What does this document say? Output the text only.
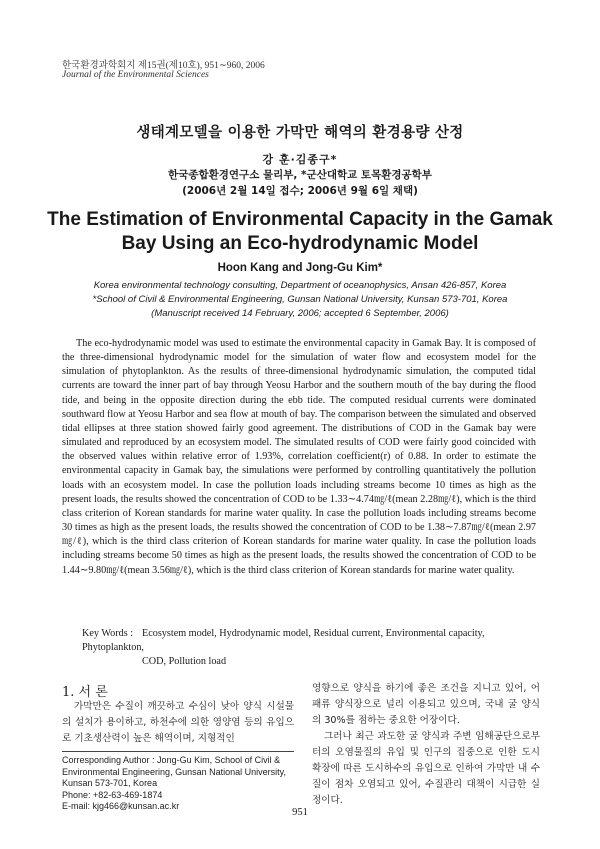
한국환경과학회지 제15권(제10호), 951∼960, 2006
Journal of the Environmental Sciences
생태계모델을 이용한 가막만 해역의 환경용량 산정
강 훈·김종구*
한국종합환경연구소 물리부, *군산대학교 토목환경공학부
(2006년 2월 14일 접수; 2006년 9월 6일 채택)
The Estimation of Environmental Capacity in the Gamak Bay Using an Eco-hydrodynamic Model
Hoon Kang and Jong-Gu Kim*
Korea environmental technology consulting, Department of oceanophysics, Ansan 426-857, Korea
*School of Civil & Environmental Engineering, Gunsan National University, Kunsan 573-701, Korea
(Manuscript received 14 February, 2006; accepted 6 September, 2006)
The eco-hydrodynamic model was used to estimate the environmental capacity in Gamak Bay. It is composed of the three-dimensional hydrodynamic model for the simulation of water flow and ecosystem model for the simulation of phytoplankton. As the results of three-dimensional hydrodynamic simulation, the computed tidal currents are toward the inner part of bay through Yeosu Harbor and the southern mouth of the bay during the flood tide, and being in the opposite direction during the ebb tide. The computed residual currents were dominated southward flow at Yeosu Harbor and sea flow at mouth of bay. The comparison between the simulated and observed tidal ellipses at three station showed fairly good agreement. The distributions of COD in the Gamak bay were simulated and reproduced by an ecosystem model. The simulated results of COD were fairly good coincided with the observed values within relative error of 1.93%, correlation coefficient(r) of 0.88. In order to estimate the environmental capacity in Gamak bay, the simulations were performed by controlling quantitatively the pollution loads with an ecosystem model. In case the pollution loads including streams become 10 times as high as the present loads, the results showed the concentration of COD to be 1.33∼4.74㎎/ℓ(mean 2.28㎎/ℓ), which is the third class criterion of Korean standards for marine water quality. In case the pollution loads including streams become 30 times as high as the present loads, the results showed the concentration of COD to be 1.38∼7.87㎎/ℓ(mean 2.97㎎/ℓ), which is the third class criterion of Korean standards for marine water quality. In case the pollution loads including streams become 50 times as high as the present loads, the results showed the concentration of COD to be 1.44∼9.80㎎/ℓ(mean 3.56㎎/ℓ), which is the third class criterion of Korean standards for marine water quality.
Key Words : Ecosystem model, Hydrodynamic model, Residual current, Environmental capacity, Phytoplankton,
COD, Pollution load
1. 서 론
가막만은 수질이 깨끗하고 수심이 낮아 양식 시설물의 설치가 용이하고, 하천수에 의한 영양염 등의 유입으로 기초생산력이 높은 해역이며, 지형적인

영향으로 양식을 하기에 좋은 조건을 지니고 있어, 어패류 양식장으로 널리 이용되고 있으며, 국내 굴 양식의 30%를 점하는 중요한 어장이다.

그러나 최근 과도한 굴 양식과 주변 임해공단으로부터의 오염물질의 유입 및 인구의 집중으로 인한 도시 확장에 따른 도시하수의 유입으로 인하여 가막만 내 수질이 점차 오염되고 있어, 수질관리 대책이 시급한 실정이다.

Corresponding Author : Jong-Gu Kim, School of Civil & Environmental Engineering, Gunsan National University, Kunsan 573-701, Korea
Phone: +82-63-469-1874
E-mail: kjg466@kunsan.ac.kr
951
